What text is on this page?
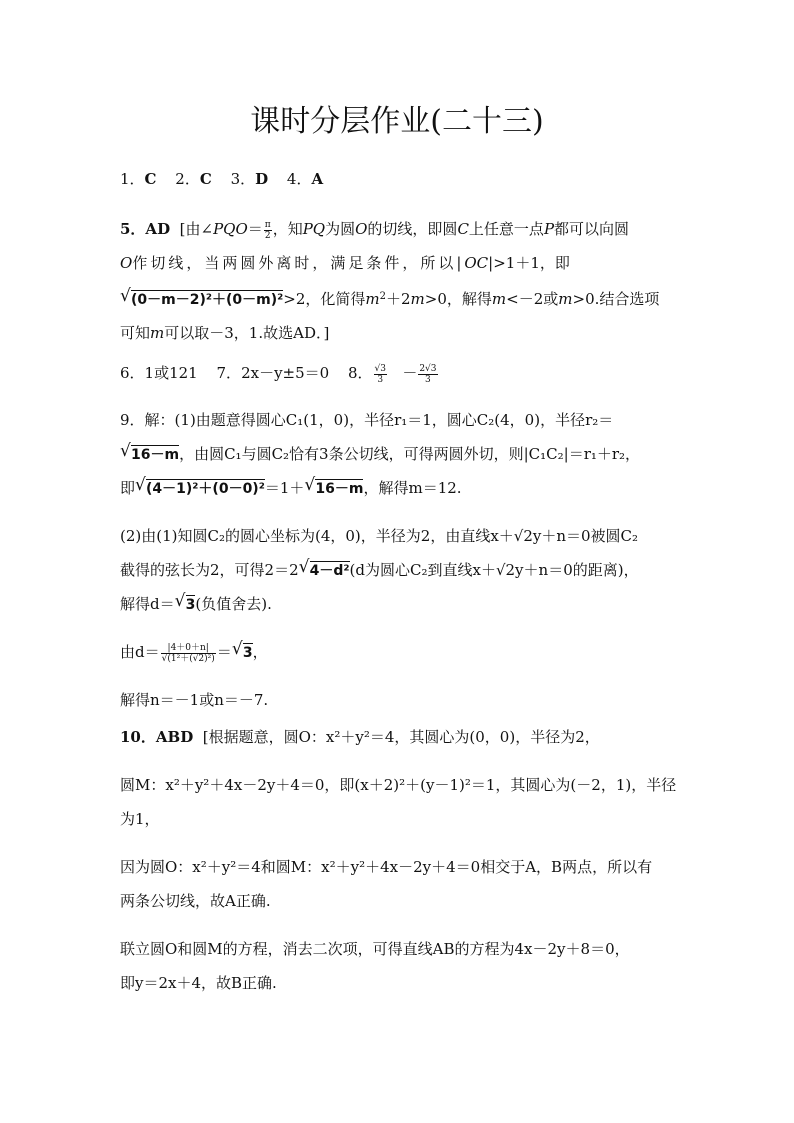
课时分层作业(二十三)
1．C 2．C 3．D 4．A
5．AD [由∠PQO＝ $\frac{\pi}{2}$ ，知PQ为圆O的切线，即圆C上任意一点P都可以向圆
O作切线，当两圆外离时，满足条件，所以|OC|>1＋1，即
√ (0－m－2)²＋(0－m)²>2，化简得$m^2+2m>0$，解得m<－2或m>0.结合选项
可知m可以取－3，1.故选AD．]
6．1或121 7．2x－y±5＝0 8． $\frac{√3}{3} - \frac{2√3}{3}$

9．解：(1)由题意得圆心C₁(1，0)，半径r₁＝1，圆心C₂(4，0)，半径r₂＝
√ 16－m，由圆C₁与圆C₂恰有3条公切线，可得两圆外切，则|C₁C₂|＝r₁＋r₂，
即 √ (4－1)²＋(0－0)²＝1＋ √ 16－m，解得m＝12.

(2)由(1)知圆C₂的圆心坐标为(4，0)，半径为2，由直线x＋√2y＋n＝0被圆C₂
截得的弦长为2，可得2＝2 √ 4－d²(d为圆心C₂到直线x＋√2y＋n＝0的距离)，
解得d＝ √ 3(负值舍去).

由$d= \frac{|4+0+n|}{\text{√(1²＋(√2)²)}}$ ＝ √ 3，

解得n＝－1或n＝－7.

10．ABD [根据题意，圆O：x²＋y²＝4，其圆心为(0，0)，半径为2，

圆M：x²＋y²＋4x－2y＋4＝0，即(x＋2)²＋(y－1)²＝1，其圆心为(－2，1)，半径
为1，

因为圆O：x²＋y²＝4和圆M：x²＋y²＋4x－2y＋4＝0相交于A，B两点，所以有
两条公切线，故A正确.

联立圆O和圆M的方程，消去二次项，可得直线AB的方程为4x－2y＋8＝0，
即y＝2x＋4，故B正确.
